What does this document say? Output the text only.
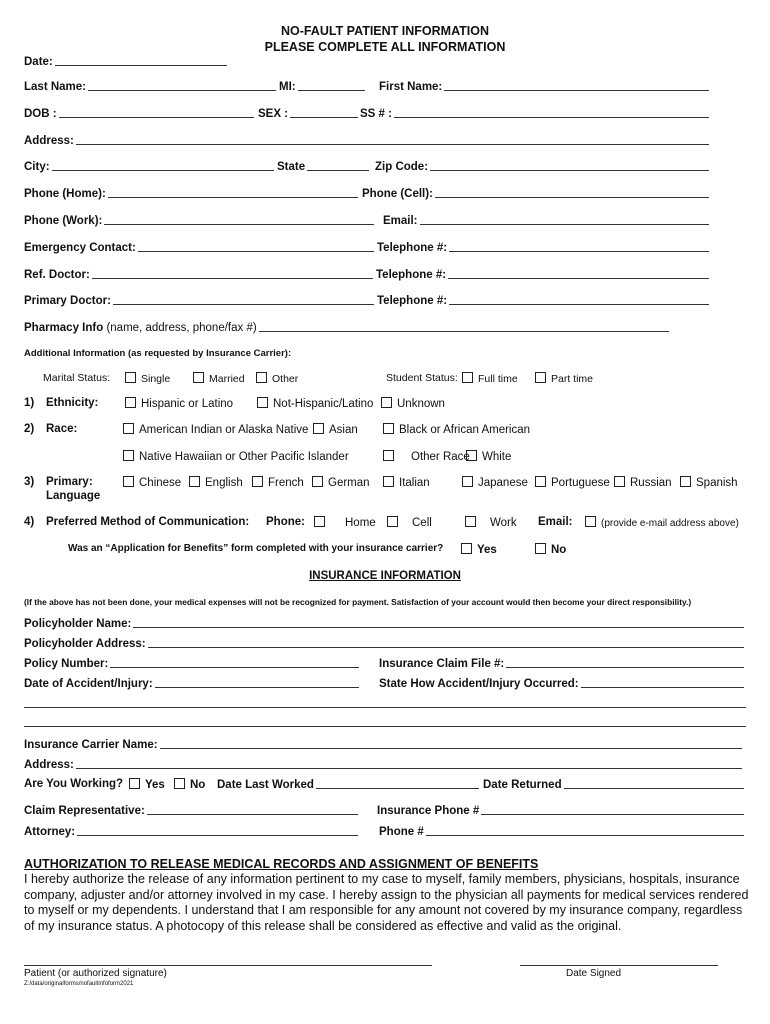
NO-FAULT PATIENT INFORMATION
PLEASE COMPLETE ALL INFORMATION
Date:
Last Name:	MI:	First Name:
DOB :	SEX :	SS # :
Address:
City:	State	Zip Code:
Phone (Home):	Phone (Cell):
Phone (Work):	Email:
Emergency Contact:	Telephone #:
Ref. Doctor:	Telephone #:
Primary Doctor:	Telephone #:
Pharmacy Info (name, address, phone/fax #)
Additional Information (as requested by Insurance Carrier):
Marital Status:	Single	Married	Other	Student Status:	Full time	Part time
1) Ethnicity:	Hispanic or Latino	Not-Hispanic/Latino	Unknown
2) Race:	American Indian or Alaska Native	Asian	Black or African American
Native Hawaiian or Other Pacific Islander	Other Race	White
3) Primary:
Language
Chinese	English	French	German	Italian	Japanese	Portuguese	Russian	Spanish
4) Preferred Method of Communication: Phone:	Home	Cell	Work Email:	(provide e-mail address above)
Was an “Application for Benefits” form completed with your insurance carrier?	Yes	No
INSURANCE INFORMATION
(If the above has not been done, your medical expenses will not be recognized for payment. Satisfaction of your account would then become your direct responsibility.)
Policyholder Name:
Policyholder Address:
Policy Number:	Insurance Claim File #:
Date of Accident/Injury:	State How Accident/Injury Occurred:
Insurance Carrier Name:
Address:
Are You Working?	Yes	No Date Last Worked	Date Returned
Claim Representative:	Insurance Phone #
Attorney:	Phone #
AUTHORIZATION TO RELEASE MEDICAL RECORDS AND ASSIGNMENT OF BENEFITS
I hereby authorize the release of any information pertinent to my case to myself, family members, physicians, hospitals, insurance company, adjuster and/or attorney involved in my case. I hereby assign to the physician all payments for medical services rendered to myself or my dependents. I understand that I am responsible for any amount not covered by my insurance company, regardless of my insurance status. A photocopy of this release shall be considered as effective and valid as the original.
Patient (or authorized signature)	Date Signed
Z:/data/originalforms/nofaultinfoform2021
